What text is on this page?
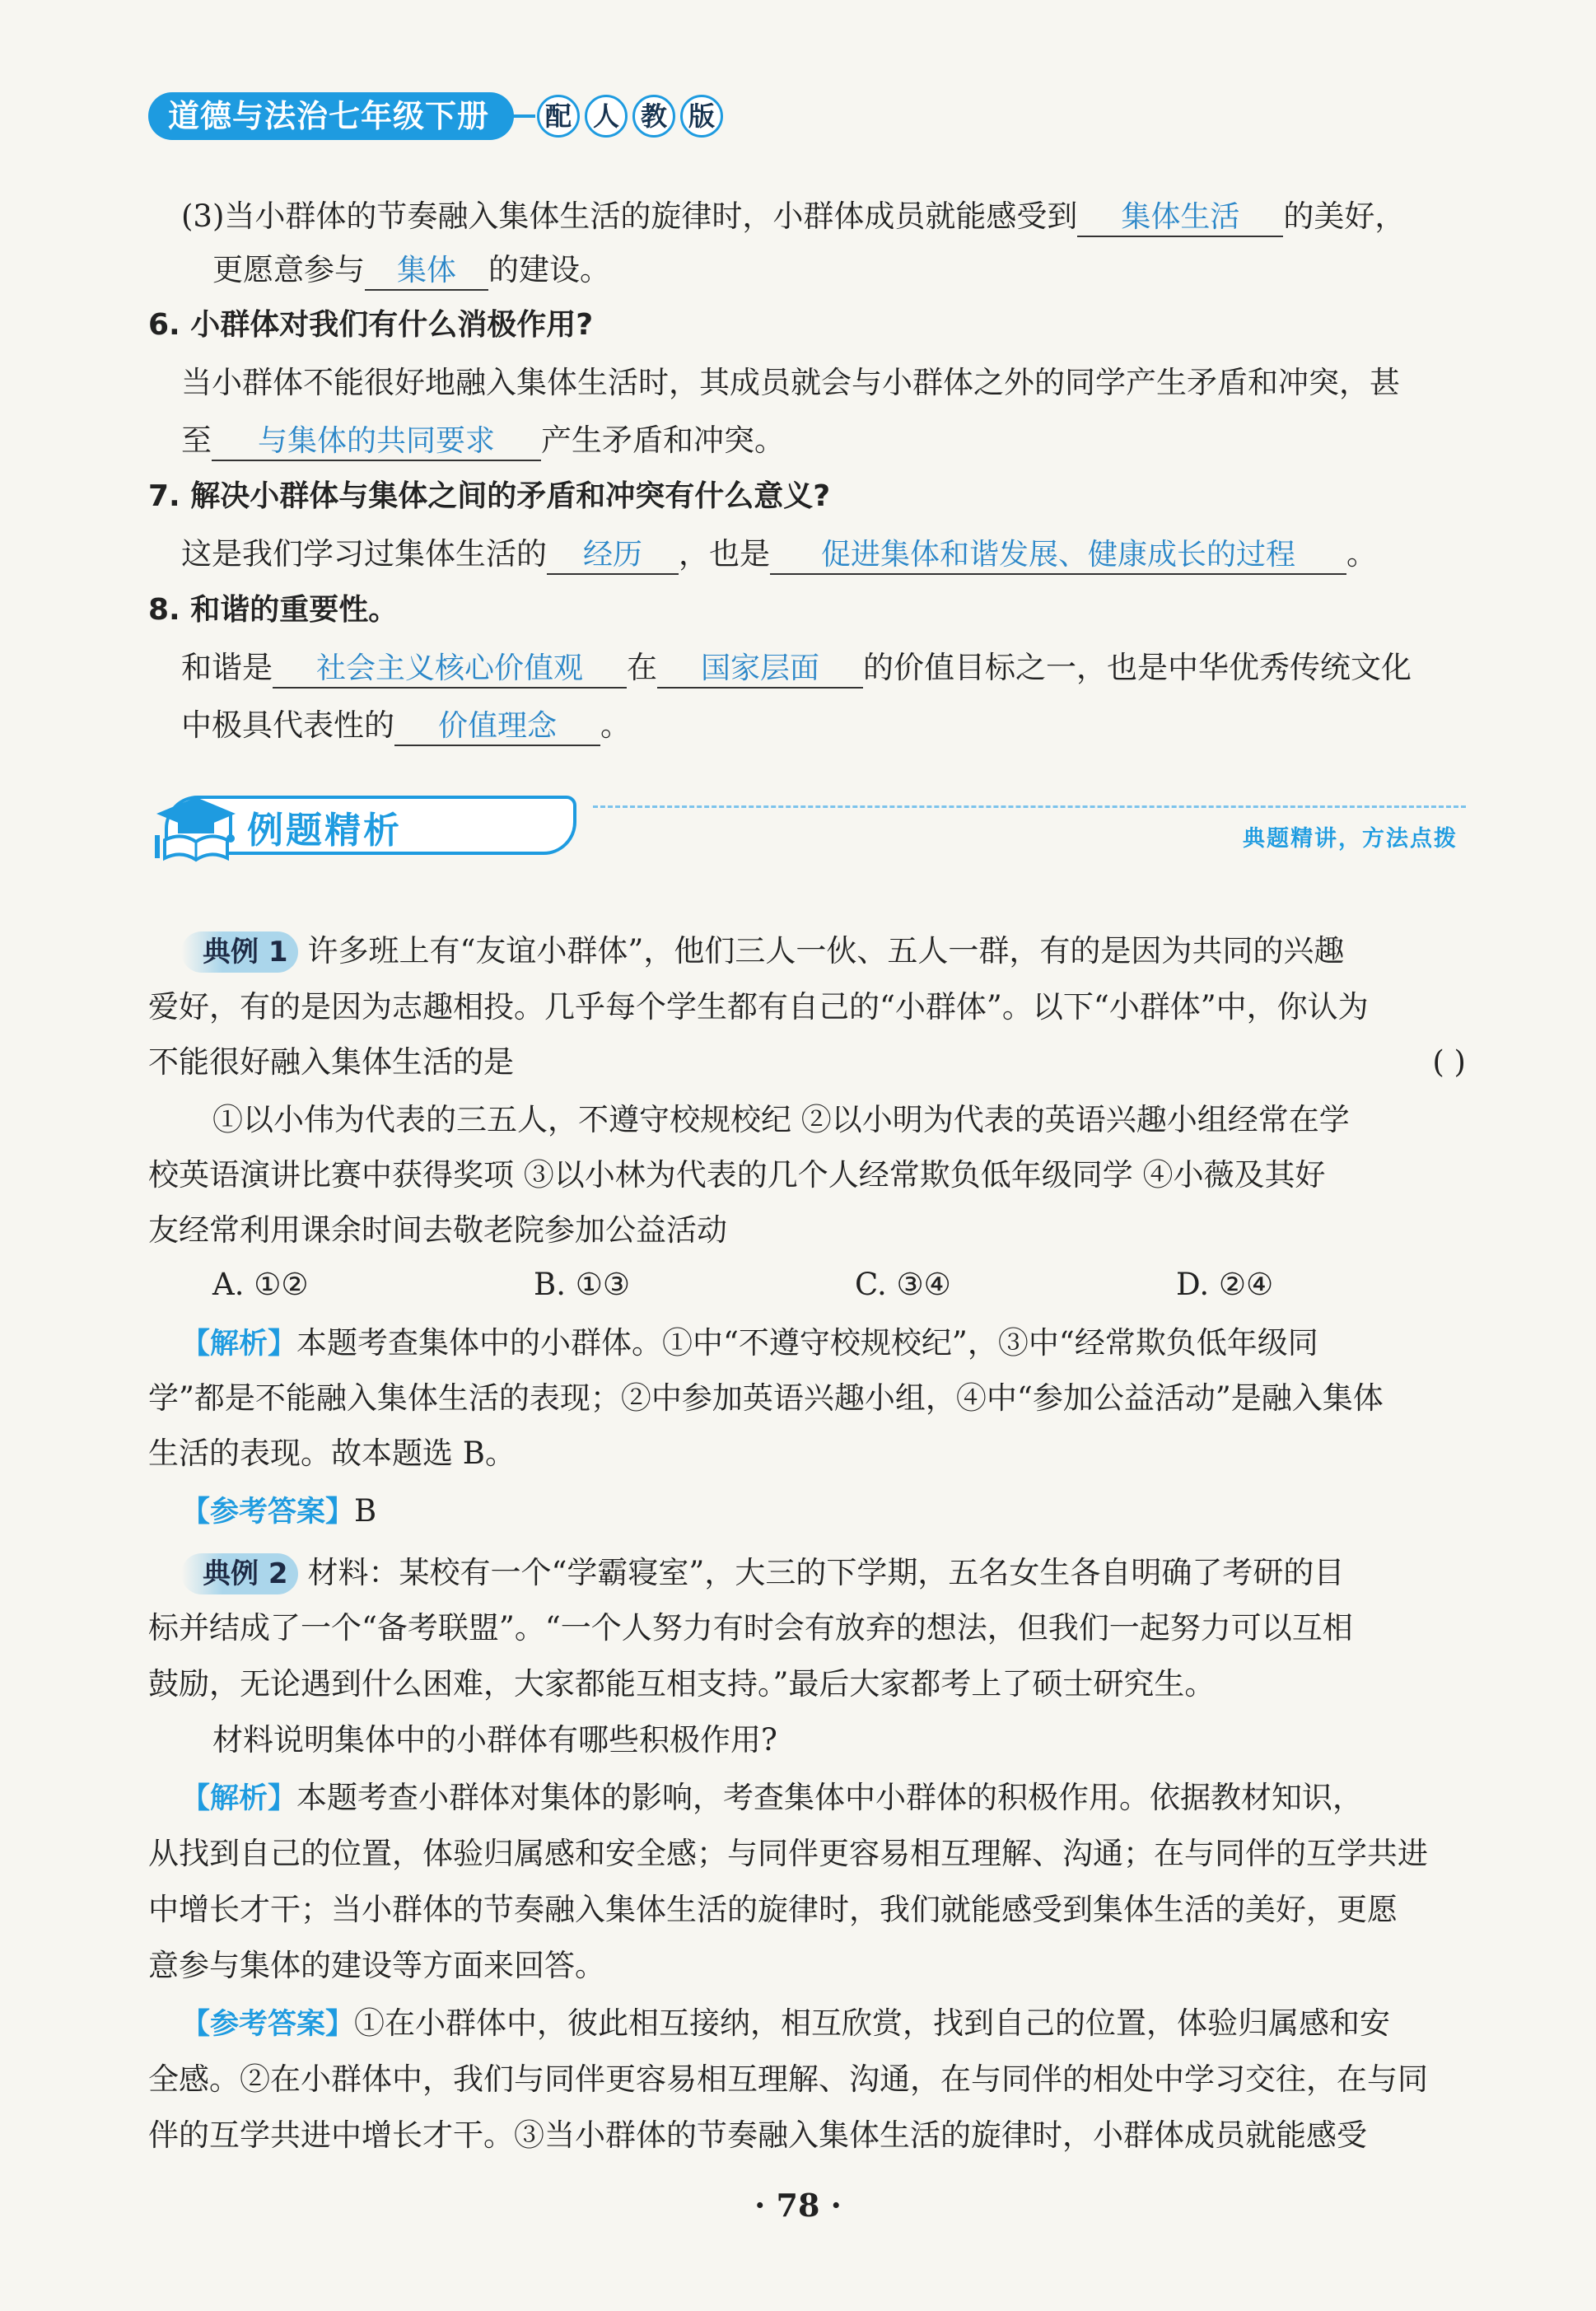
道德与法治七年级下册	配 人 教 版
(3)当小群体的节奏融入集体生活的旋律时，小群体成员就能感受到 集体生活 的美好，
更愿意参与 集体 的建设。
6. 小群体对我们有什么消极作用?
当小群体不能很好地融入集体生活时，其成员就会与小群体之外的同学产生矛盾和冲突，甚
至 与集体的共同要求 产生矛盾和冲突。
7. 解决小群体与集体之间的矛盾和冲突有什么意义?
这是我们学习过集体生活的 经历 ，也是 促进集体和谐发展、健康成长的过程 。
8. 和谐的重要性。
和谐是 社会主义核心价值观 在 国家层面 的价值目标之一，也是中华优秀传统文化
中极具代表性的 价值理念 。
例题精析	典题精讲，方法点拨
典例 1 许多班上有“友谊小群体”，他们三人一伙、五人一群，有的是因为共同的兴趣
爱好，有的是因为志趣相投。几乎每个学生都有自己的“小群体”。以下“小群体”中，你认为
不能很好融入集体生活的是	( )
①以小伟为代表的三五人，不遵守校规校纪 ②以小明为代表的英语兴趣小组经常在学
校英语演讲比赛中获得奖项 ③以小林为代表的几个人经常欺负低年级同学 ④小薇及其好
友经常利用课余时间去敬老院参加公益活动
A. ①②	B. ①③	C. ③④	D. ②④
【解析】本题考查集体中的小群体。①中“不遵守校规校纪”，③中“经常欺负低年级同
学”都是不能融入集体生活的表现；②中参加英语兴趣小组，④中“参加公益活动”是融入集体
生活的表现。故本题选 B。
【参考答案】B
典例 2 材料：某校有一个“学霸寝室”，大三的下学期，五名女生各自明确了考研的目
标并结成了一个“备考联盟”。“一个人努力有时会有放弃的想法，但我们一起努力可以互相
鼓励，无论遇到什么困难，大家都能互相支持。”最后大家都考上了硕士研究生。
材料说明集体中的小群体有哪些积极作用?
【解析】本题考查小群体对集体的影响，考查集体中小群体的积极作用。依据教材知识，
从找到自己的位置，体验归属感和安全感；与同伴更容易相互理解、沟通；在与同伴的互学共进
中增长才干；当小群体的节奏融入集体生活的旋律时，我们就能感受到集体生活的美好，更愿
意参与集体的建设等方面来回答。
【参考答案】①在小群体中，彼此相互接纳，相互欣赏，找到自己的位置，体验归属感和安
全感。②在小群体中，我们与同伴更容易相互理解、沟通，在与同伴的相处中学习交往，在与同
伴的互学共进中增长才干。③当小群体的节奏融入集体生活的旋律时，小群体成员就能感受
· 78 ·
